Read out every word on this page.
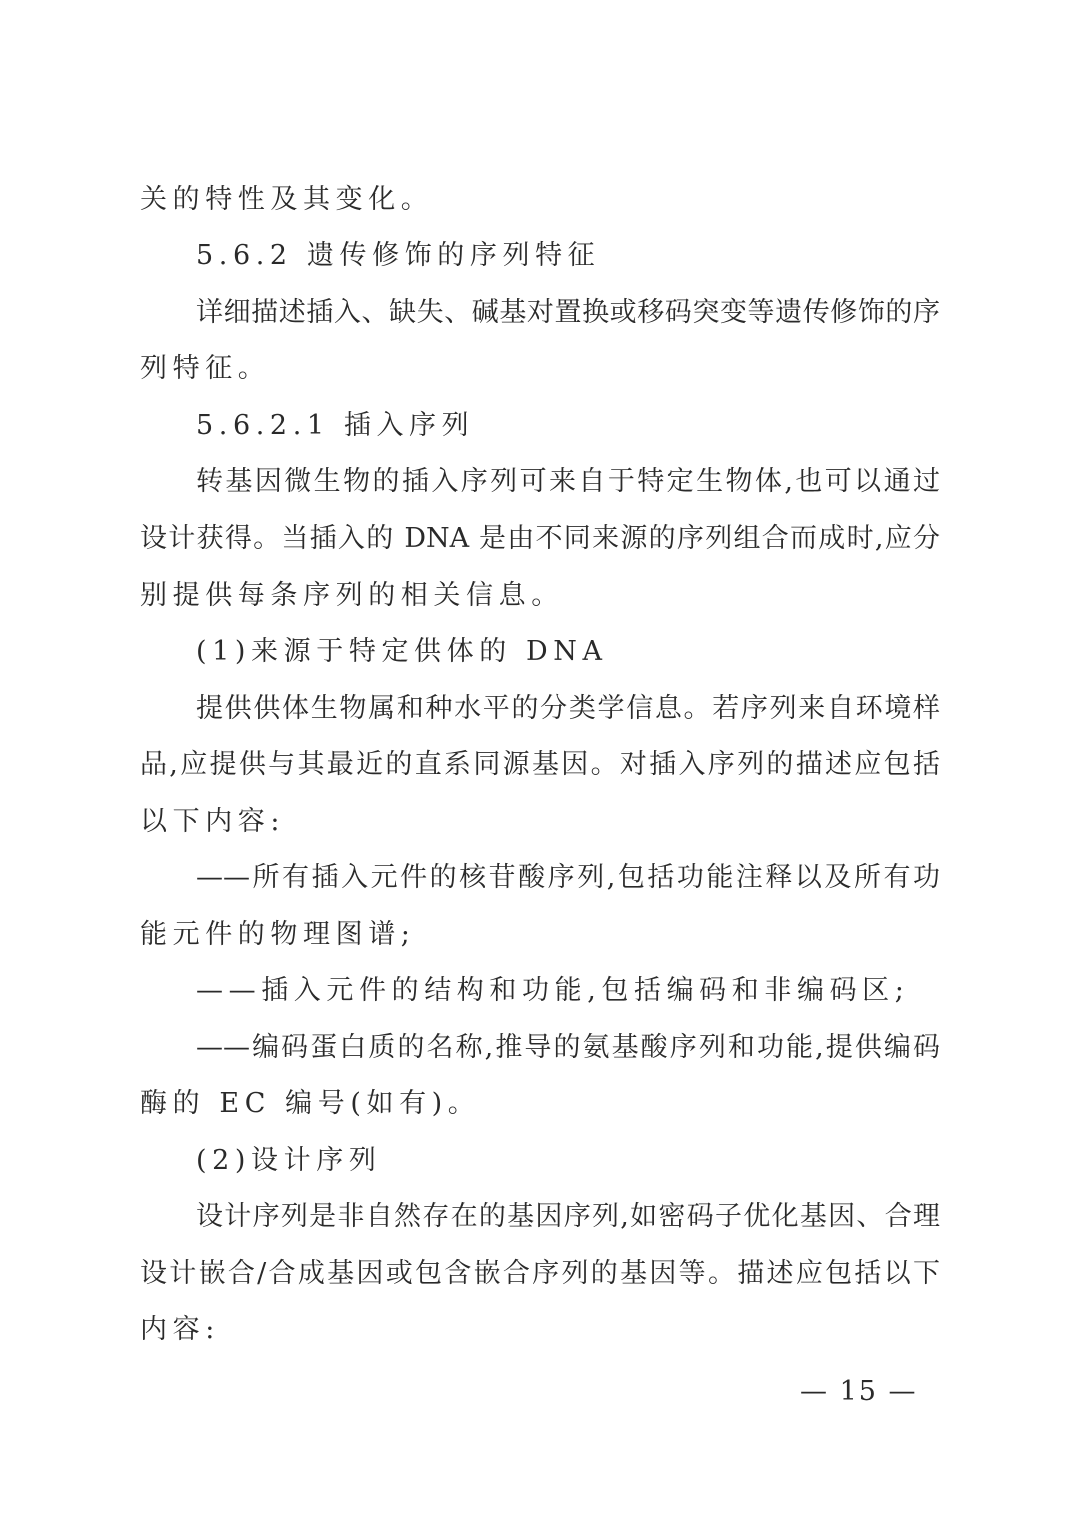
关的特性及其变化。
5.6.2 遗传修饰的序列特征
详细描述插入、缺失、碱基对置换或移码突变等遗传修饰的序
列特征。
5.6.2.1 插入序列
转基因微生物的插入序列可来自于特定生物体,也可以通过
设计获得。当插入的 DNA 是由不同来源的序列组合而成时,应分
别提供每条序列的相关信息。
(1)来源于特定供体的 DNA
提供供体生物属和种水平的分类学信息。若序列来自环境样
品,应提供与其最近的直系同源基因。对插入序列的描述应包括
以下内容:
——所有插入元件的核苷酸序列,包括功能注释以及所有功
能元件的物理图谱;
——插入元件的结构和功能,包括编码和非编码区;
——编码蛋白质的名称,推导的氨基酸序列和功能,提供编码
酶的 EC 编号(如有)。
(2)设计序列
设计序列是非自然存在的基因序列,如密码子优化基因、合理
设计嵌合/合成基因或包含嵌合序列的基因等。描述应包括以下
内容:
— 15 —
